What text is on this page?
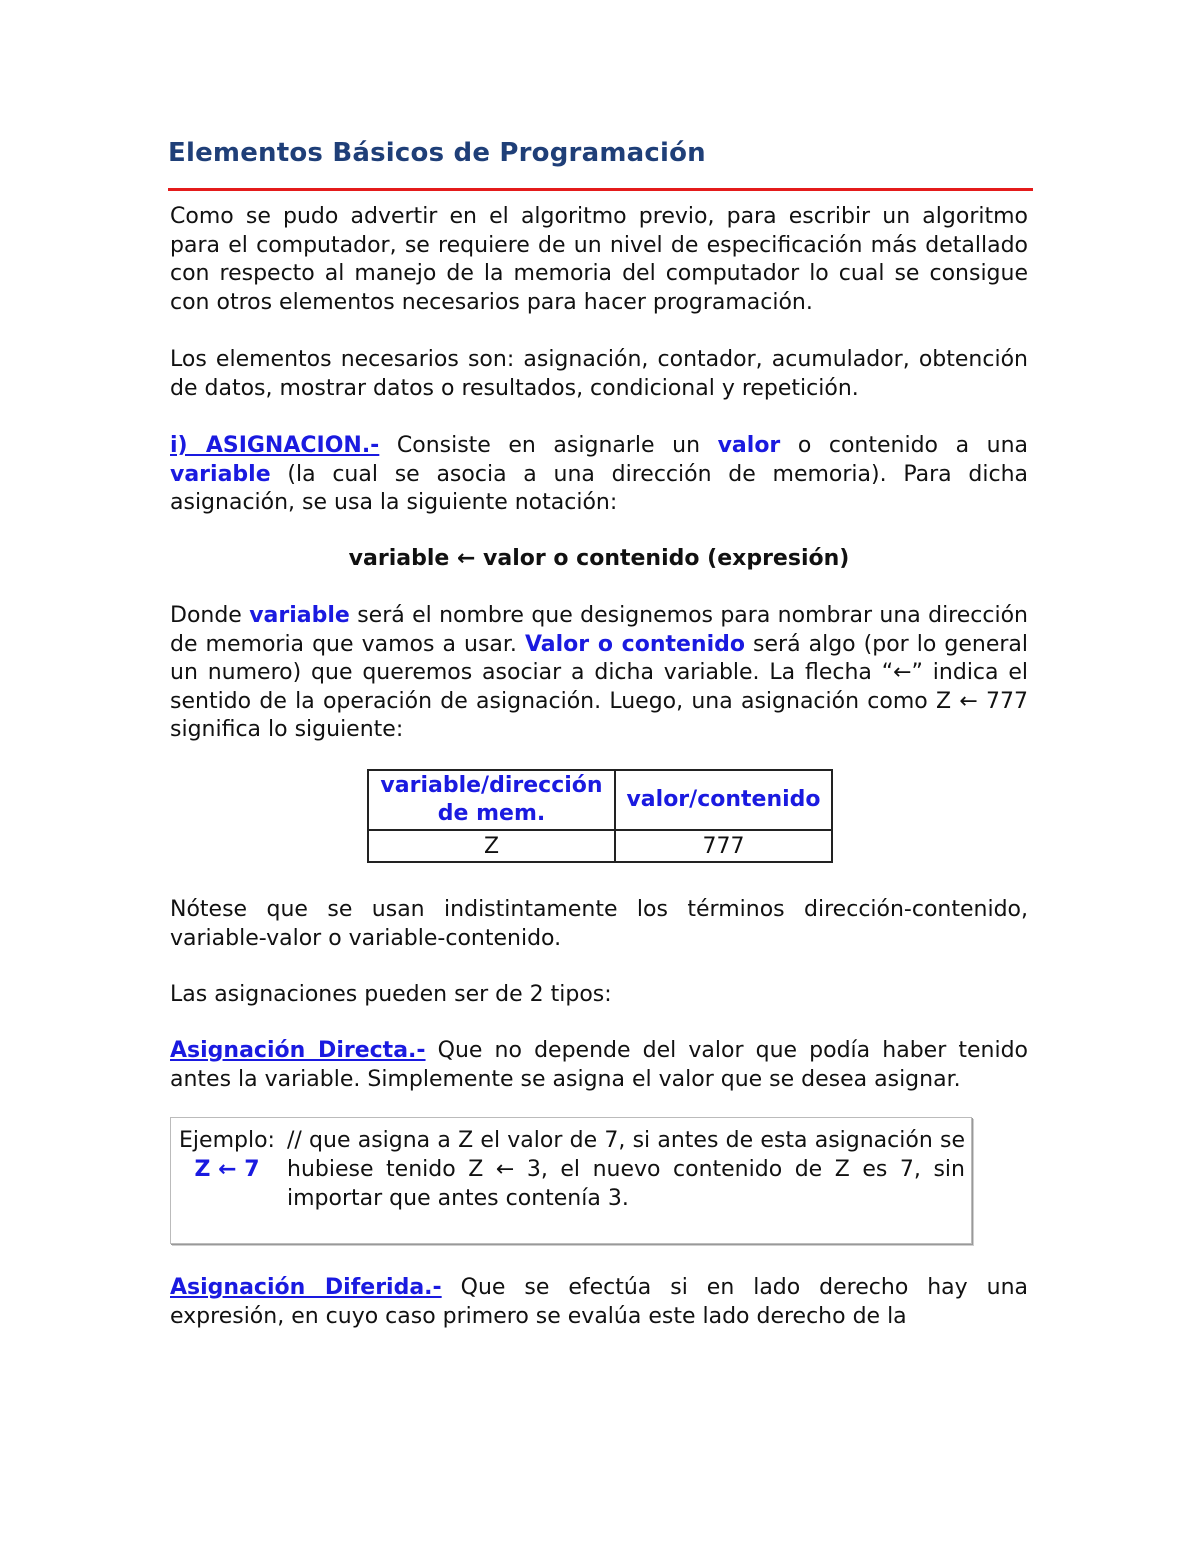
Elementos Básicos de Programación

Como se pudo advertir en el algoritmo previo, para escribir un algoritmo para el computador, se requiere de un nivel de especificación más detallado con respecto al manejo de la memoria del computador lo cual se consigue con otros elementos necesarios para hacer programación.

Los elementos necesarios son: asignación, contador, acumulador, obtención de datos, mostrar datos o resultados, condicional y repetición.

i) ASIGNACION.- Consiste en asignarle un valor o contenido a una variable (la cual se asocia a una dirección de memoria). Para dicha asignación, se usa la siguiente notación:

variable ← valor o contenido (expresión)

Donde variable será el nombre que designemos para nombrar una dirección de memoria que vamos a usar. Valor o contenido será algo (por lo general un numero) que queremos asociar a dicha variable. La flecha “←” indica el sentido de la operación de asignación. Luego, una asignación como Z ← 777 significa lo siguiente:

variable/dirección de mem.	valor/contenido
Z	777

Nótese que se usan indistintamente los términos dirección-contenido, variable-valor o variable-contenido.

Las asignaciones pueden ser de 2 tipos:

Asignación Directa.- Que no depende del valor que podía haber tenido antes la variable. Simplemente se asigna el valor que se desea asignar.

Ejemplo:
Z ← 7
// que asigna a Z el valor de 7, si antes de esta asignación se hubiese tenido Z ← 3, el nuevo contenido de Z es 7, sin importar que antes contenía 3.

Asignación Diferida.- Que se efectúa si en lado derecho hay una expresión, en cuyo caso primero se evalúa este lado derecho de la
